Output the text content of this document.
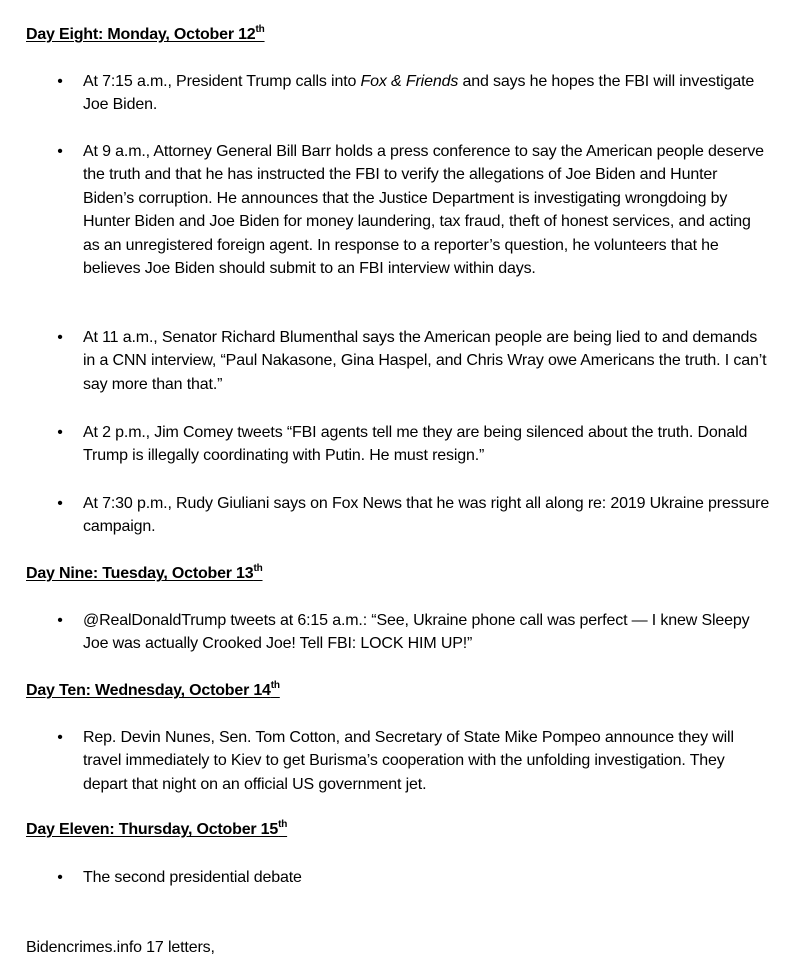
Day Eight: Monday, October 12th
• At 7:15 a.m., President Trump calls into Fox & Friends and says he hopes the FBI will investigate Joe Biden.
• At 9 a.m., Attorney General Bill Barr holds a press conference to say the American people deserve the truth and that he has instructed the FBI to verify the allegations of Joe Biden and Hunter Biden’s corruption. He announces that the Justice Department is investigating wrongdoing by Hunter Biden and Joe Biden for money laundering, tax fraud, theft of honest services, and acting as an unregistered foreign agent. In response to a reporter’s question, he volunteers that he believes Joe Biden should submit to an FBI interview within days.
• At 11 a.m., Senator Richard Blumenthal says the American people are being lied to and demands in a CNN interview, “Paul Nakasone, Gina Haspel, and Chris Wray owe Americans the truth. I can’t say more than that.”
• At 2 p.m., Jim Comey tweets “FBI agents tell me they are being silenced about the truth. Donald Trump is illegally coordinating with Putin. He must resign.”
• At 7:30 p.m., Rudy Giuliani says on Fox News that he was right all along re: 2019 Ukraine pressure campaign.
Day Nine: Tuesday, October 13th
• @RealDonaldTrump tweets at 6:15 a.m.: “See, Ukraine phone call was perfect — I knew Sleepy Joe was actually Crooked Joe! Tell FBI: LOCK HIM UP!”
Day Ten: Wednesday, October 14th
• Rep. Devin Nunes, Sen. Tom Cotton, and Secretary of State Mike Pompeo announce they will travel immediately to Kiev to get Burisma’s cooperation with the unfolding investigation. They depart that night on an official US government jet.
Day Eleven: Thursday, October 15th
• The second presidential debate
Bidencrimes.info 17 letters,
